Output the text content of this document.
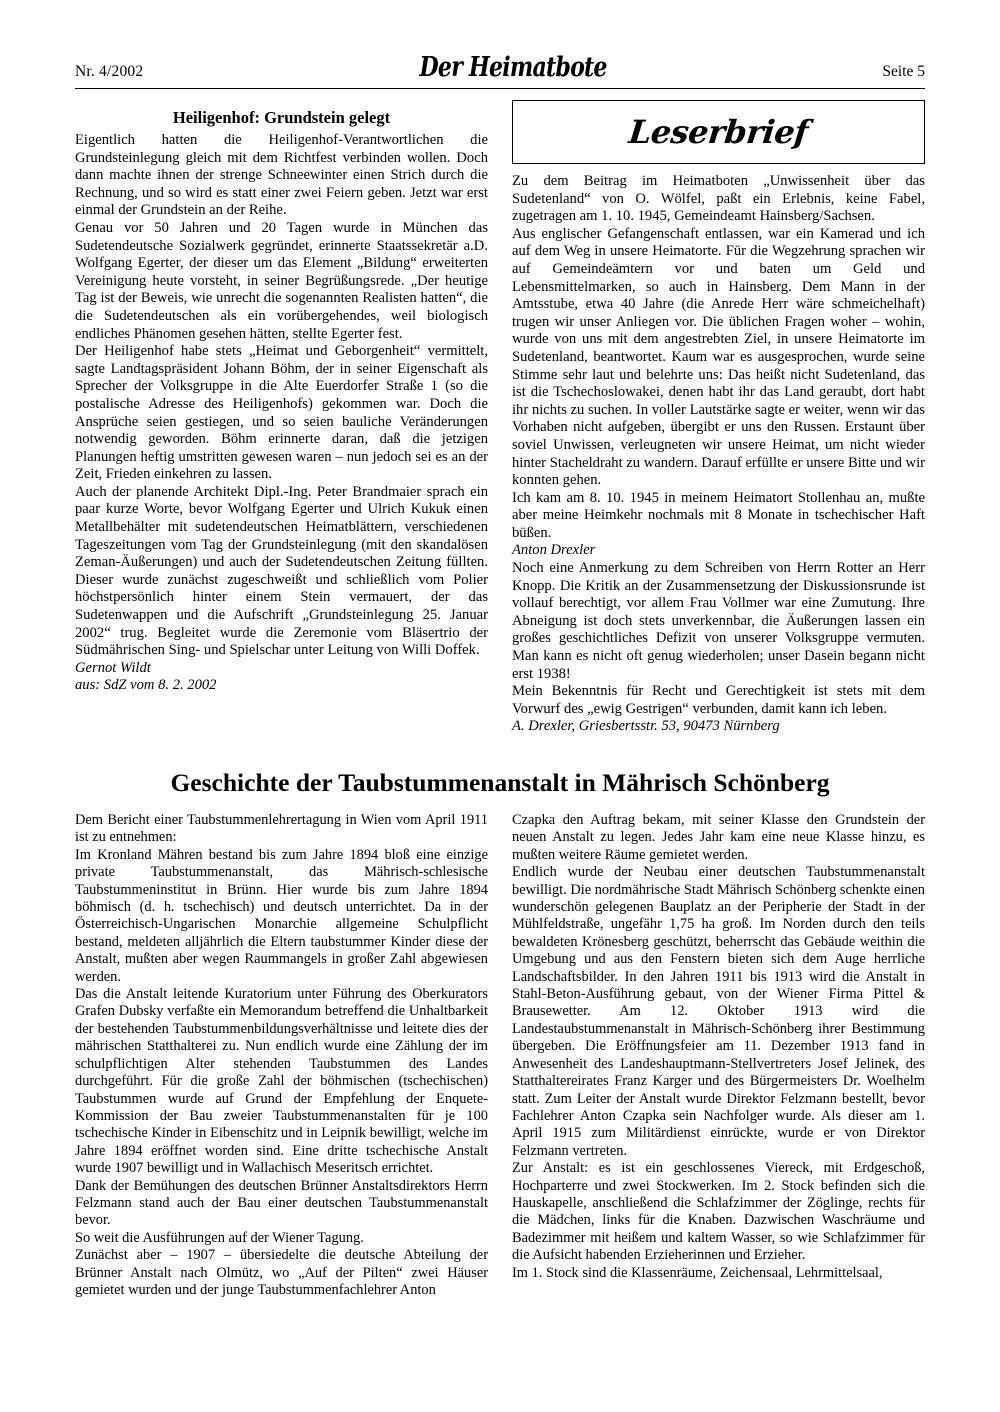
Nr. 4/2002	Der Heimatbote	Seite 5
Heiligenhof: Grundstein gelegt

Eigentlich hatten die Heiligenhof-Verantwortlichen die Grundsteinlegung gleich mit dem Richtfest verbinden wollen. Doch dann machte ihnen der strenge Schneewinter einen Strich durch die Rechnung, und so wird es statt einer zwei Feiern geben. Jetzt war erst einmal der Grundstein an der Reihe.

Genau vor 50 Jahren und 20 Tagen wurde in München das Sudetendeutsche Sozialwerk gegründet, erinnerte Staatssekretär a.D. Wolfgang Egerter, der dieser um das Element „Bildung“ erweiterten Vereinigung heute vorsteht, in seiner Begrüßungsrede. „Der heutige Tag ist der Beweis, wie unrecht die sogenannten Realisten hatten“, die die Sudetendeutschen als ein vorübergehendes, weil biologisch endliches Phänomen gesehen hätten, stellte Egerter fest.

Der Heiligenhof habe stets „Heimat und Geborgenheit“ vermittelt, sagte Landtagspräsident Johann Böhm, der in seiner Eigenschaft als Sprecher der Volksgruppe in die Alte Euerdorfer Straße 1 (so die postalische Adresse des Heiligenhofs) gekommen war. Doch die Ansprüche seien gestiegen, und so seien bauliche Veränderungen notwendig geworden. Böhm erinnerte daran, daß die jetzigen Planungen heftig umstritten gewesen waren – nun jedoch sei es an der Zeit, Frieden einkehren zu lassen.

Auch der planende Architekt Dipl.-Ing. Peter Brandmaier sprach ein paar kurze Worte, bevor Wolfgang Egerter und Ulrich Kukuk einen Metallbehälter mit sudetendeutschen Heimatblättern, verschiedenen Tageszeitungen vom Tag der Grundsteinlegung (mit den skandalösen Zeman-Äußerungen) und auch der Sudetendeutschen Zeitung füllten. Dieser wurde zunächst zugeschweißt und schließlich vom Polier höchstpersönlich hinter einem Stein vermauert, der das Sudetenwappen und die Aufschrift „Grundsteinlegung 25. Januar 2002“ trug. Begleitet wurde die Zeremonie vom Bläsertrio der Südmährischen Sing- und Spielschar unter Leitung von Willi Doffek.

Gernot Wildt

aus: SdZ vom 8. 2. 2002

Leserbrief

Zu dem Beitrag im Heimatboten „Unwissenheit über das Sudetenland“ von O. Wölfel, paßt ein Erlebnis, keine Fabel, zugetragen am 1. 10. 1945, Gemeindeamt Hainsberg/Sachsen.

Aus englischer Gefangenschaft entlassen, war ein Kamerad und ich auf dem Weg in unsere Heimatorte. Für die Wegzehrung sprachen wir auf Gemeindeämtern vor und baten um Geld und Lebensmittelmarken, so auch in Hainsberg. Dem Mann in der Amtsstube, etwa 40 Jahre (die Anrede Herr wäre schmeichelhaft) trugen wir unser Anliegen vor. Die üblichen Fragen woher – wohin, wurde von uns mit dem angestrebten Ziel, in unsere Heimatorte im Sudetenland, beantwortet. Kaum war es ausgesprochen, wurde seine Stimme sehr laut und belehrte uns: Das heißt nicht Sudetenland, das ist die Tschechoslowakei, denen habt ihr das Land geraubt, dort habt ihr nichts zu suchen. In voller Lautstärke sagte er weiter, wenn wir das Vorhaben nicht aufgeben, übergibt er uns den Russen. Erstaunt über soviel Unwissen, verleugneten wir unsere Heimat, um nicht wieder hinter Stacheldraht zu wandern. Darauf erfüllte er unsere Bitte und wir konnten gehen.

Ich kam am 8. 10. 1945 in meinem Heimatort Stollenhau an, mußte aber meine Heimkehr nochmals mit 8 Monate in tschechischer Haft büßen.

Anton Drexler

Noch eine Anmerkung zu dem Schreiben von Herrn Rotter an Herr Knopp. Die Kritik an der Zusammensetzung der Diskussionsrunde ist vollauf berechtigt, vor allem Frau Vollmer war eine Zumutung. Ihre Abneigung ist doch stets unverkennbar, die Äußerungen lassen ein großes geschichtliches Defizit von unserer Volksgruppe vermuten. Man kann es nicht oft genug wiederholen; unser Dasein begann nicht erst 1938!

Mein Bekenntnis für Recht und Gerechtigkeit ist stets mit dem Vorwurf des „ewig Gestrigen“ verbunden, damit kann ich leben.

A. Drexler, Griesbertsstr. 53, 90473 Nürnberg

Geschichte der Taubstummenanstalt in Mährisch Schönberg

Dem Bericht einer Taubstummenlehrertagung in Wien vom April 1911 ist zu entnehmen:

Im Kronland Mähren bestand bis zum Jahre 1894 bloß eine einzige private Taubstummenanstalt, das Mährisch-schlesische Taubstummeninstitut in Brünn. Hier wurde bis zum Jahre 1894 böhmisch (d. h. tschechisch) und deutsch unterrichtet. Da in der Österreichisch-Ungarischen Monarchie allgemeine Schulpflicht bestand, meldeten alljährlich die Eltern taubstummer Kinder diese der Anstalt, mußten aber wegen Raummangels in großer Zahl abgewiesen werden.

Das die Anstalt leitende Kuratorium unter Führung des Oberkurators Grafen Dubsky verfaßte ein Memorandum betreffend die Unhaltbarkeit der bestehenden Taubstummenbildungsverhältnisse und leitete dies der mährischen Statthalterei zu. Nun endlich wurde eine Zählung der im schulpflichtigen Alter stehenden Taubstummen des Landes durchgeführt. Für die große Zahl der böhmischen (tschechischen) Taubstummen wurde auf Grund der Empfehlung der Enquete-Kommission der Bau zweier Taubstummenanstalten für je 100 tschechische Kinder in Eibenschitz und in Leipnik bewilligt, welche im Jahre 1894 eröffnet worden sind. Eine dritte tschechische Anstalt wurde 1907 bewilligt und in Wallachisch Meseritsch errichtet.

Dank der Bemühungen des deutschen Brünner Anstaltsdirektors Herrn Felzmann stand auch der Bau einer deutschen Taubstummenanstalt bevor.

So weit die Ausführungen auf der Wiener Tagung.

Zunächst aber – 1907 – übersiedelte die deutsche Abteilung der Brünner Anstalt nach Olmütz, wo „Auf der Pilten“ zwei Häuser gemietet wurden und der junge Taubstummenfachlehrer Anton

Czapka den Auftrag bekam, mit seiner Klasse den Grundstein der neuen Anstalt zu legen. Jedes Jahr kam eine neue Klasse hinzu, es mußten weitere Räume gemietet werden.

Endlich wurde der Neubau einer deutschen Taubstummenanstalt bewilligt. Die nordmährische Stadt Mährisch Schönberg schenkte einen wunderschön gelegenen Bauplatz an der Peripherie der Stadt in der Mühlfeldstraße, ungefähr 1,75 ha groß. Im Norden durch den teils bewaldeten Krönesberg geschützt, beherrscht das Gebäude weithin die Umgebung und aus den Fenstern bieten sich dem Auge herrliche Landschaftsbilder. In den Jahren 1911 bis 1913 wird die Anstalt in Stahl-Beton-Ausführung gebaut, von der Wiener Firma Pittel & Brausewetter. Am 12. Oktober 1913 wird die Landestaubstummenanstalt in Mährisch-Schönberg ihrer Bestimmung übergeben. Die Eröffnungsfeier am 11. Dezember 1913 fand in Anwesenheit des Landeshauptmann-Stellvertreters Josef Jelinek, des Statthaltereirates Franz Karger und des Bürgermeisters Dr. Woelhelm statt. Zum Leiter der Anstalt wurde Direktor Felzmann bestellt, bevor Fachlehrer Anton Czapka sein Nachfolger wurde. Als dieser am 1. April 1915 zum Militärdienst einrückte, wurde er von Direktor Felzmann vertreten.

Zur Anstalt: es ist ein geschlossenes Viereck, mit Erdgeschoß, Hochparterre und zwei Stockwerken. Im 2. Stock befinden sich die Hauskapelle, anschließend die Schlafzimmer der Zöglinge, rechts für die Mädchen, links für die Knaben. Dazwischen Waschräume und Badezimmer mit heißem und kaltem Wasser, so wie Schlafzimmer für die Aufsicht habenden Erzieherinnen und Erzieher.

Im 1. Stock sind die Klassenräume, Zeichensaal, Lehrmittelsaal,
